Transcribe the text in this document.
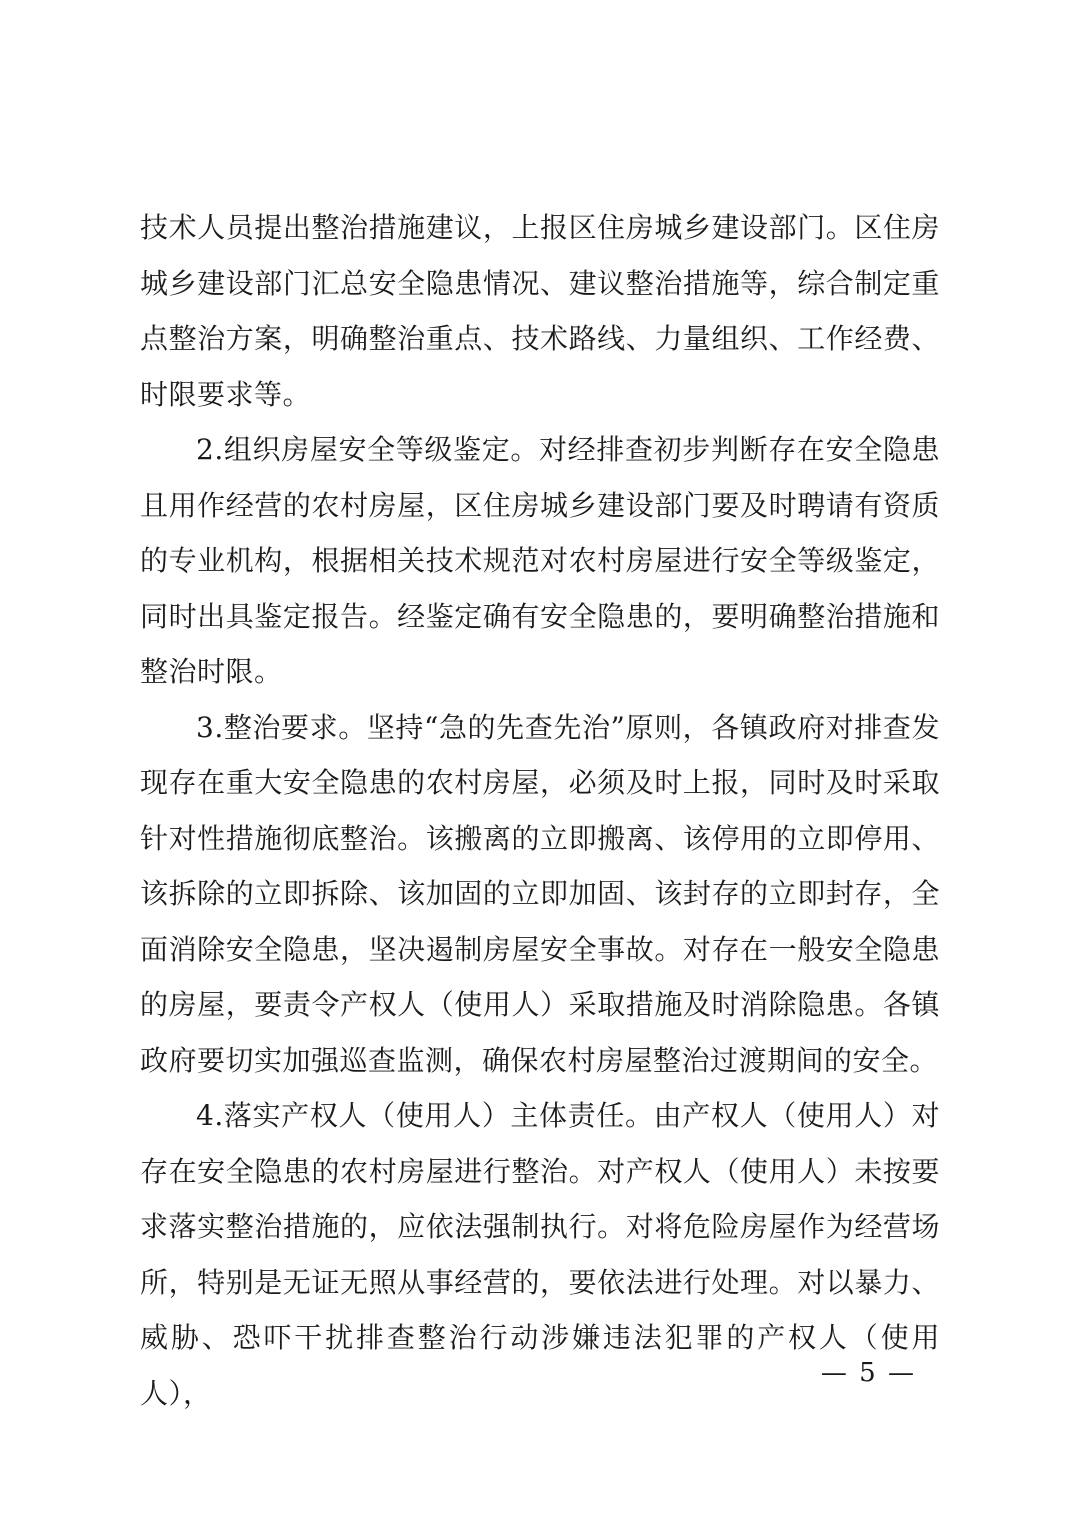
技术人员提出整治措施建议，上报区住房城乡建设部门。区住房城乡建设部门汇总安全隐患情况、建议整治措施等，综合制定重点整治方案，明确整治重点、技术路线、力量组织、工作经费、时限要求等。

2.组织房屋安全等级鉴定。对经排查初步判断存在安全隐患且用作经营的农村房屋，区住房城乡建设部门要及时聘请有资质的专业机构，根据相关技术规范对农村房屋进行安全等级鉴定，同时出具鉴定报告。经鉴定确有安全隐患的，要明确整治措施和整治时限。

3.整治要求。坚持“急的先查先治”原则，各镇政府对排查发现存在重大安全隐患的农村房屋，必须及时上报，同时及时采取针对性措施彻底整治。该搬离的立即搬离、该停用的立即停用、该拆除的立即拆除、该加固的立即加固、该封存的立即封存，全面消除安全隐患，坚决遏制房屋安全事故。对存在一般安全隐患的房屋，要责令产权人（使用人）采取措施及时消除隐患。各镇政府要切实加强巡查监测，确保农村房屋整治过渡期间的安全。

4.落实产权人（使用人）主体责任。由产权人（使用人）对存在安全隐患的农村房屋进行整治。对产权人（使用人）未按要求落实整治措施的，应依法强制执行。对将危险房屋作为经营场所，特别是无证无照从事经营的，要依法进行处理。对以暴力、威胁、恐吓干扰排查整治行动涉嫌违法犯罪的产权人（使用人），

— 5 —
